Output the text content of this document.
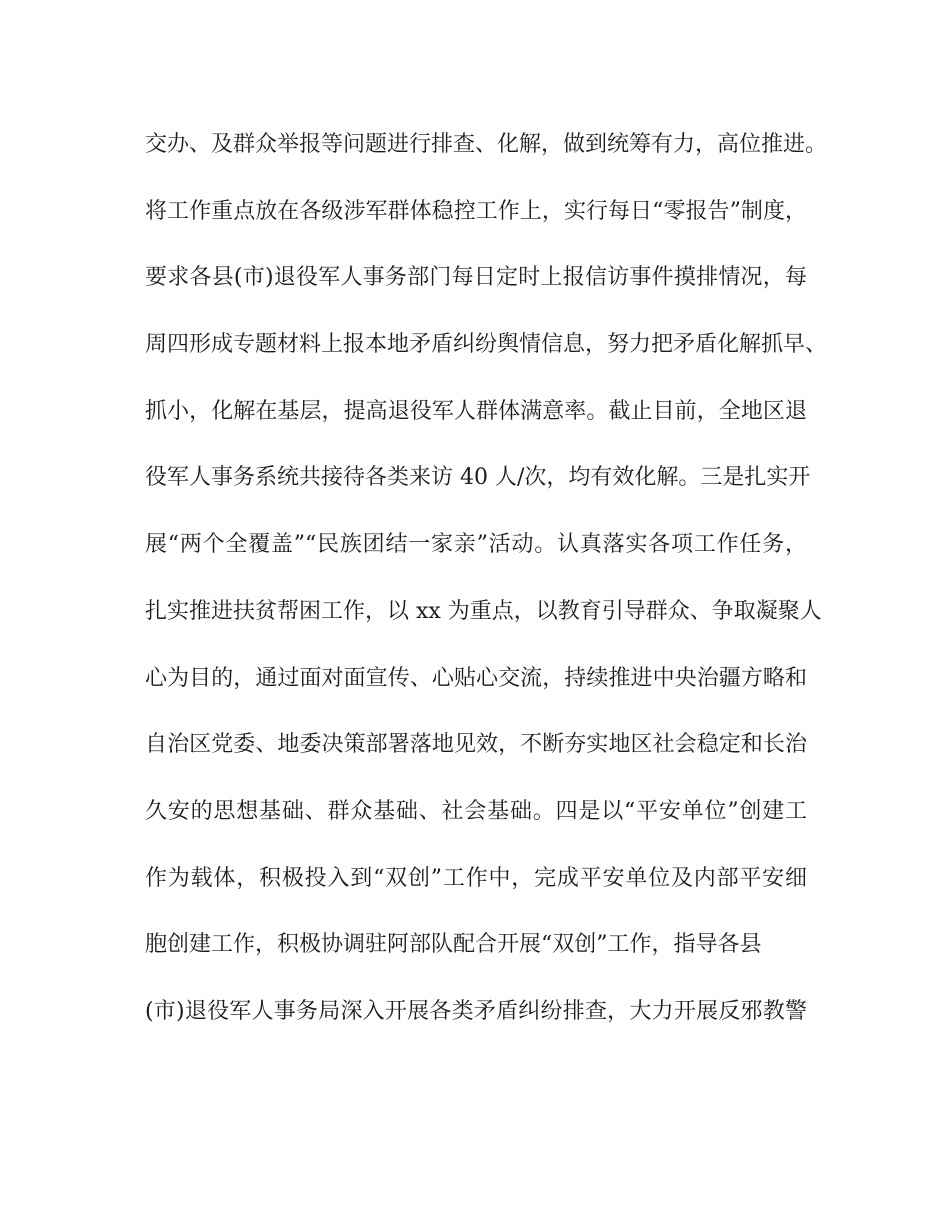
交办、及群众举报等问题进行排查、化解，做到统筹有力，高位推进。

将工作重点放在各级涉军群体稳控工作上，实行每日“零报告”制度，

要求各县(市)退役军人事务部门每日定时上报信访事件摸排情况，每

周四形成专题材料上报本地矛盾纠纷舆情信息，努力把矛盾化解抓早、

抓小，化解在基层，提高退役军人群体满意率。截止目前，全地区退

役军人事务系统共接待各类来访 40 人/次，均有效化解。三是扎实开

展“两个全覆盖”“民族团结一家亲”活动。认真落实各项工作任务，

扎实推进扶贫帮困工作，以 xx 为重点，以教育引导群众、争取凝聚人

心为目的，通过面对面宣传、心贴心交流，持续推进中央治疆方略和

自治区党委、地委决策部署落地见效，不断夯实地区社会稳定和长治

久安的思想基础、群众基础、社会基础。四是以“平安单位”创建工

作为载体，积极投入到“双创”工作中，完成平安单位及内部平安细

胞创建工作，积极协调驻阿部队配合开展“双创”工作，指导各县

(市)退役军人事务局深入开展各类矛盾纠纷排查，大力开展反邪教警
